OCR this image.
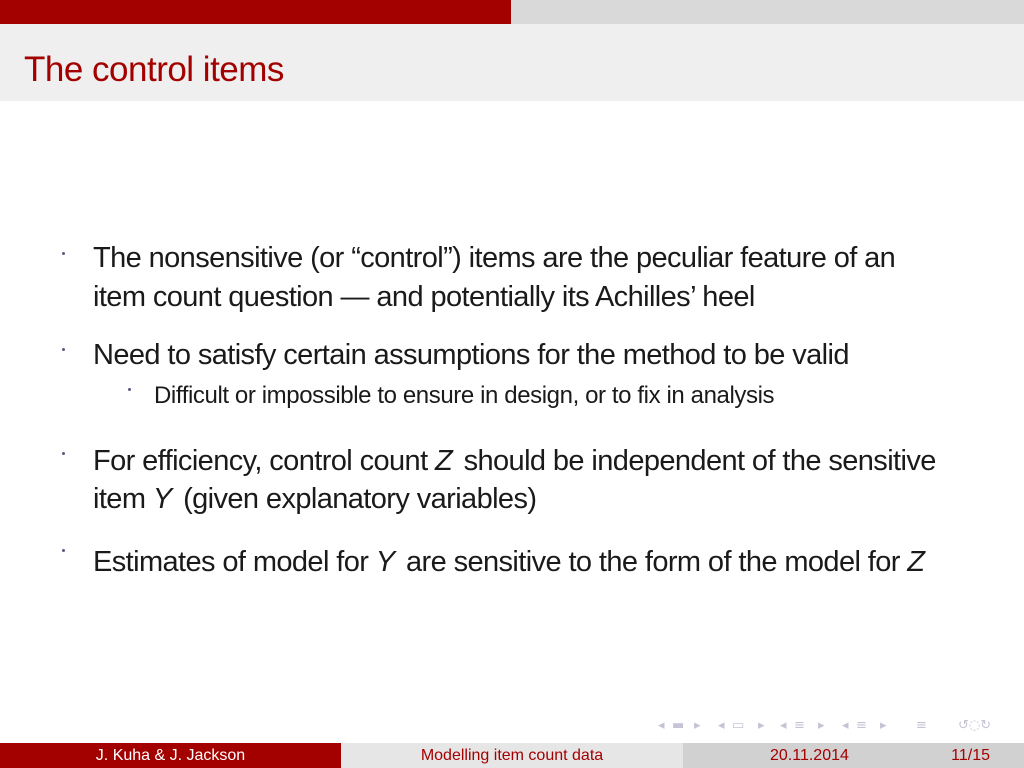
The control items
The nonsensitive (or “control”) items are the peculiar feature of an
item count question — and potentially its Achilles’ heel
Need to satisfy certain assumptions for the method to be valid
Difficult or impossible to ensure in design, or to fix in analysis
For efficiency, control count Z should be independent of the sensitive
item Y (given explanatory variables)
Estimates of model for Y are sensitive to the form of the model for Z
◂ ▬ ▸ ◂ ▭ ▸ ◂ ≡ ▸ ◂ ≡ ▸ ≡ ↺◌↻
J. Kuha & J. Jackson	Modelling item count data	20.11.2014	11/15
